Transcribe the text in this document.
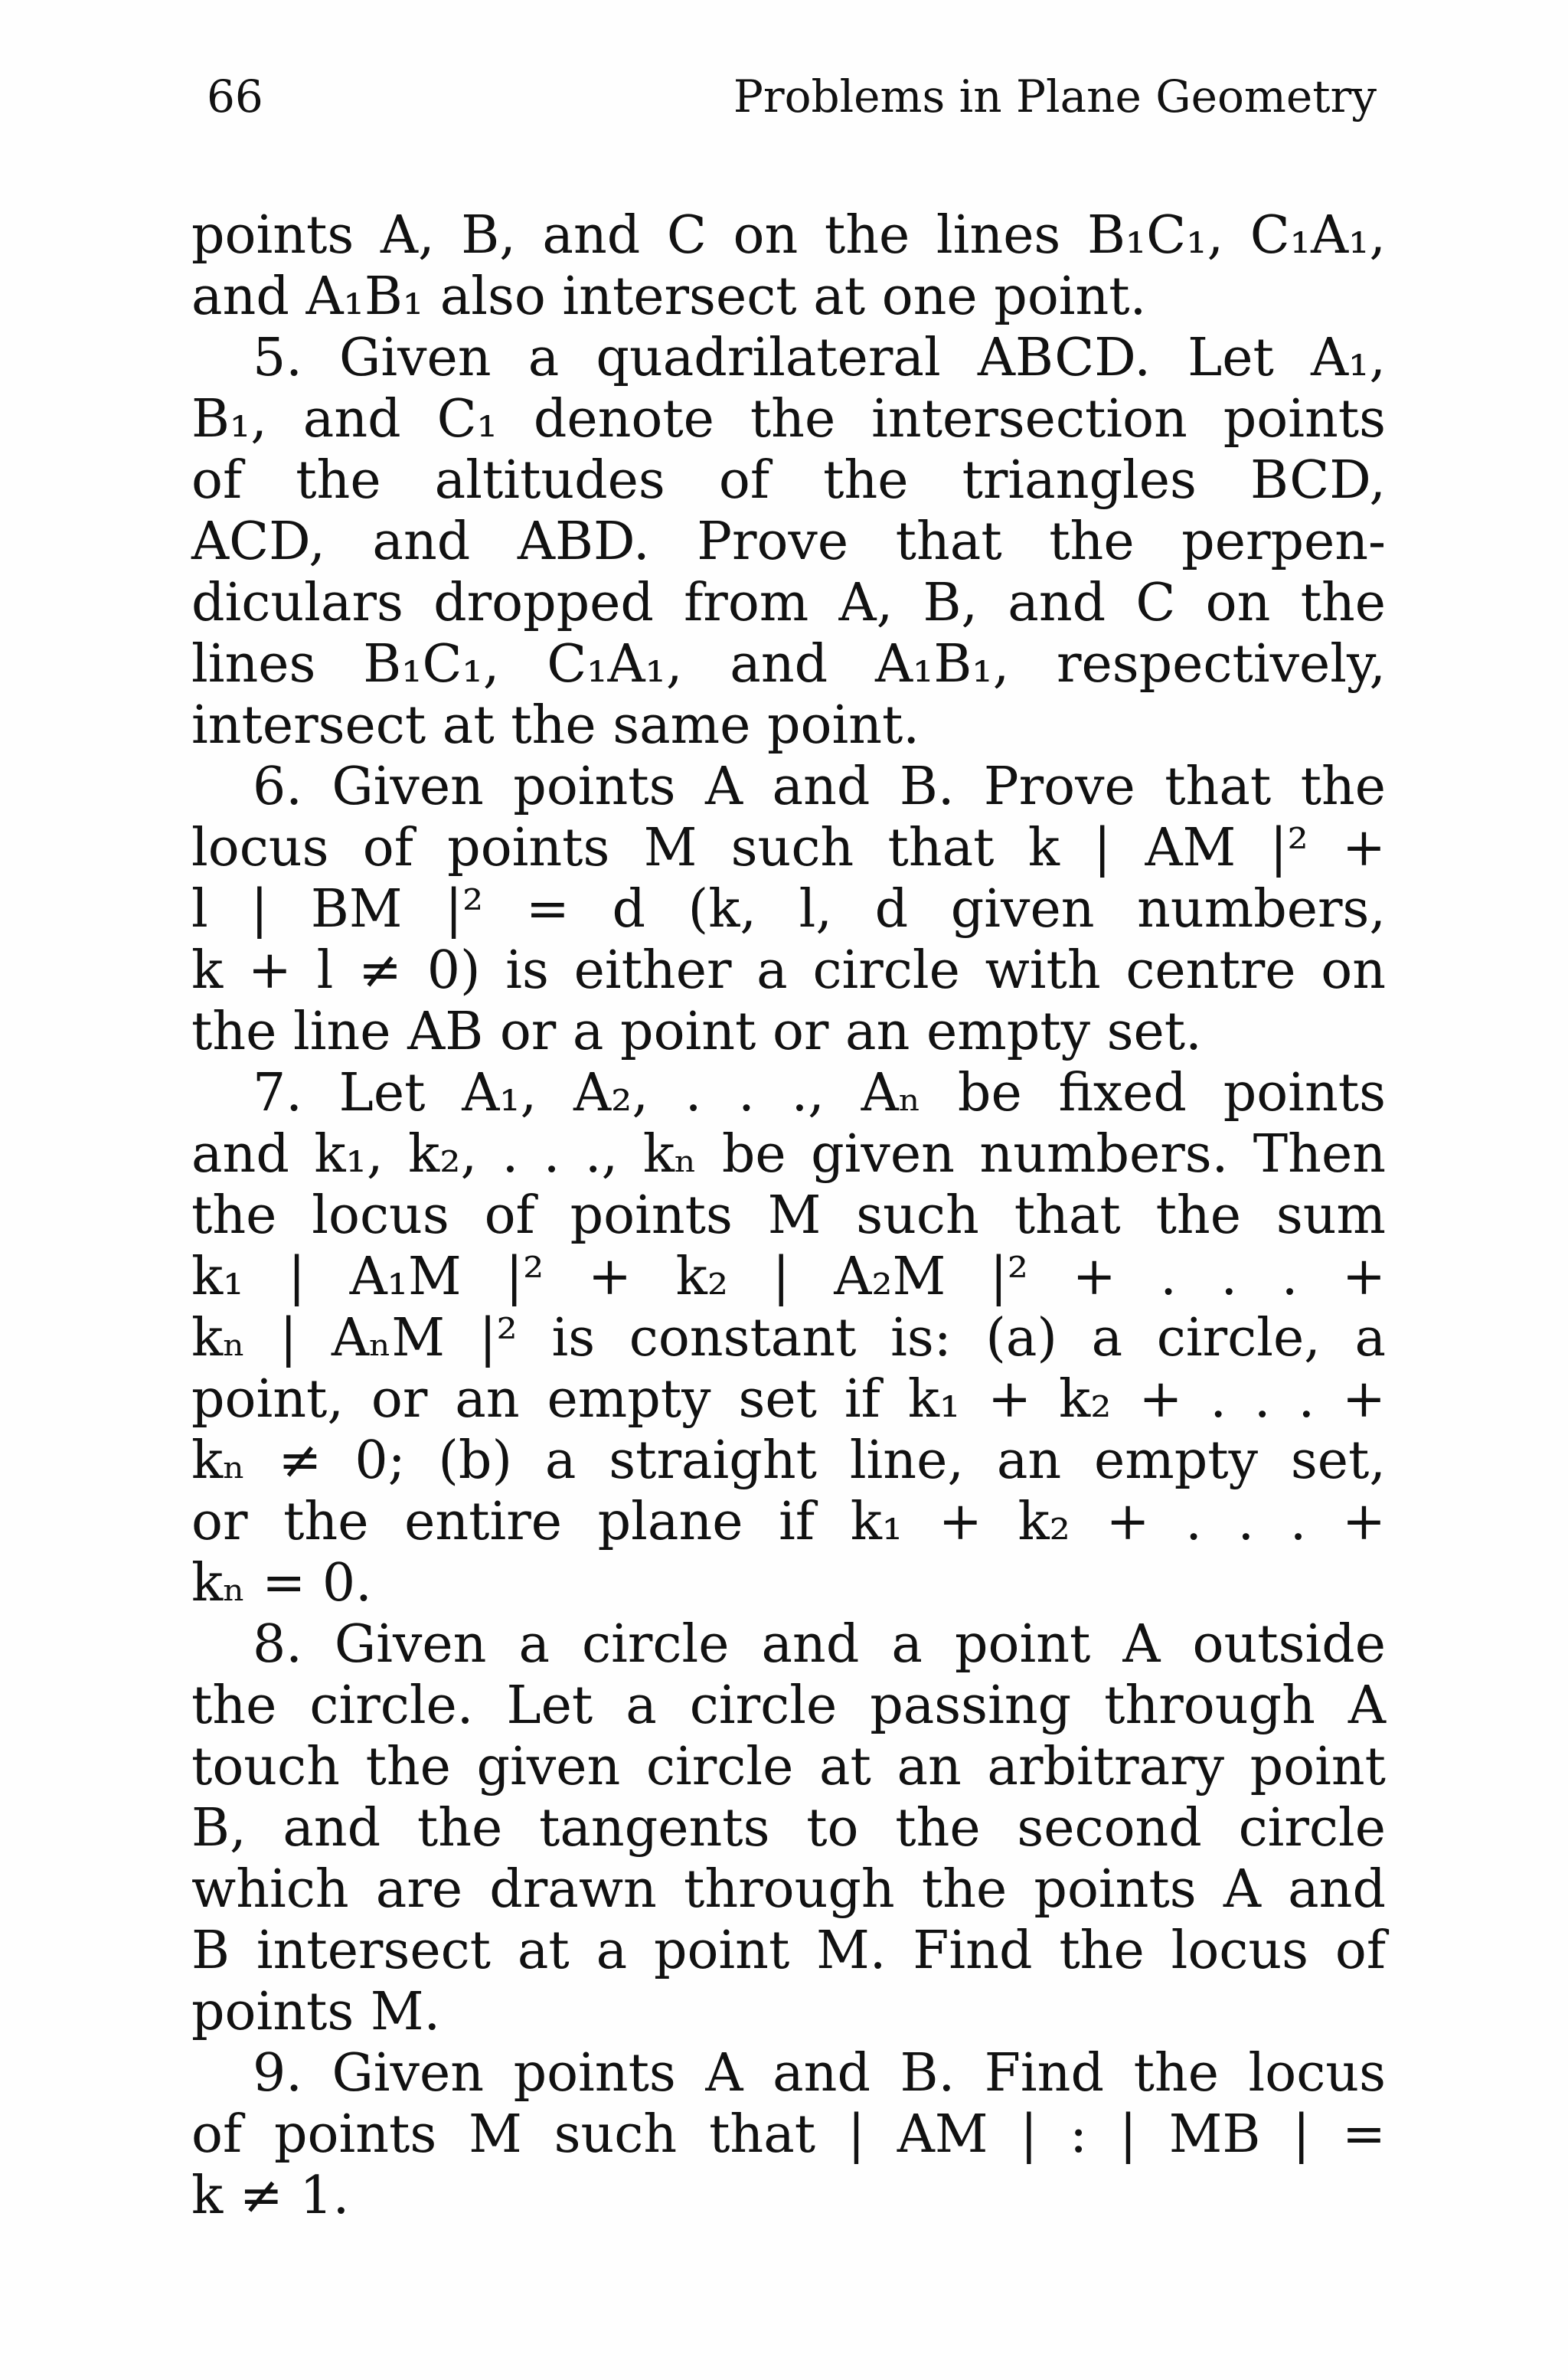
66	Problems in Plane Geometry
points A, B, and C on the lines B₁C₁, C₁A₁,
and A₁B₁ also intersect at one point.
5. Given a quadrilateral ABCD. Let A₁,
B₁, and C₁ denote the intersection points
of the altitudes of the triangles BCD,
ACD, and ABD. Prove that the perpen-
diculars dropped from A, B, and C on the
lines B₁C₁, C₁A₁, and A₁B₁, respectively,
intersect at the same point.
6. Given points A and B. Prove that the
locus of points M such that k | AM |² +
l | BM |² = d (k, l, d given numbers,
k + l ≠ 0) is either a circle with centre on
the line AB or a point or an empty set.
7. Let A₁, A₂, . . ., Aₙ be fixed points
and k₁, k₂, . . ., kₙ be given numbers. Then
the locus of points M such that the sum
k₁ | A₁M |² + k₂ | A₂M |² + . . . +
kₙ | AₙM |² is constant is: (a) a circle, a
point, or an empty set if k₁ + k₂ + . . . +
kₙ ≠ 0; (b) a straight line, an empty set,
or the entire plane if k₁ + k₂ + . . . +
kₙ = 0.
8. Given a circle and a point A outside
the circle. Let a circle passing through A
touch the given circle at an arbitrary point
B, and the tangents to the second circle
which are drawn through the points A and
B intersect at a point M. Find the locus of
points M.
9. Given points A and B. Find the locus
of points M such that | AM | : | MB | =
k ≠ 1.
